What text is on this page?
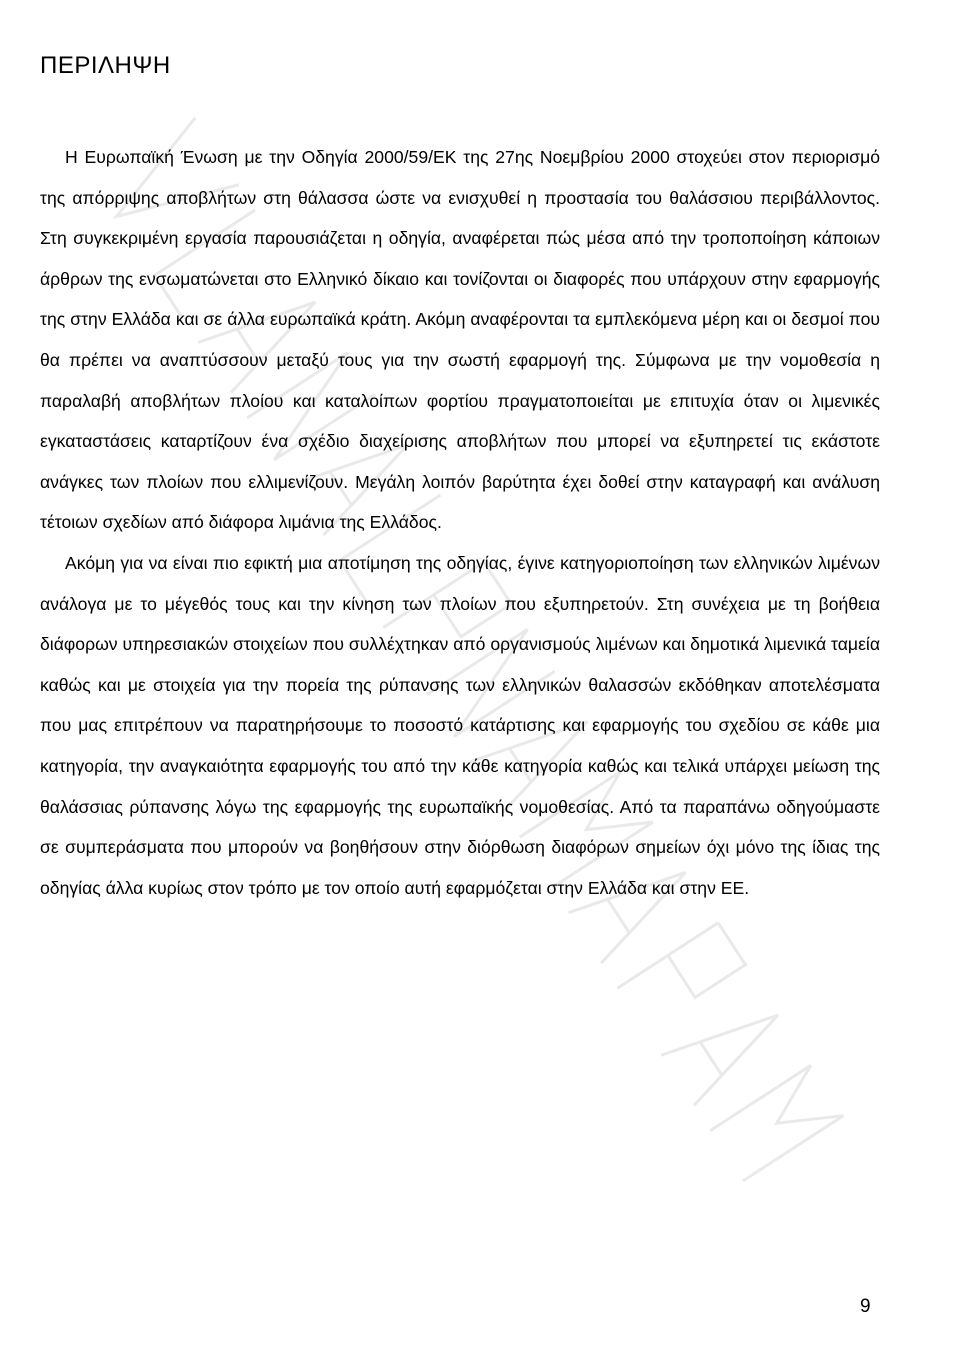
ΠΕΡΙΛΗΨΗ

Η Ευρωπαϊκή Ένωση με την Οδηγία 2000/59/ΕΚ της 27ης Νοεμβρίου 2000 στοχεύει στον περιορισμό της απόρριψης αποβλήτων στη θάλασσα ώστε να ενισχυθεί η προστασία του θαλάσσιου περιβάλλοντος. Στη συγκεκριμένη εργασία παρουσιάζεται η οδηγία, αναφέρεται πώς μέσα από την τροποποίηση κάποιων άρθρων της ενσωματώνεται στο Ελληνικό δίκαιο και τονίζονται οι διαφορές που υπάρχουν στην εφαρμογής της στην Ελλάδα και σε άλλα ευρωπαϊκά κράτη. Ακόμη αναφέρονται τα εμπλεκόμενα μέρη και οι δεσμοί που θα πρέπει να αναπτύσσουν μεταξύ τους για την σωστή εφαρμογή της. Σύμφωνα με την νομοθεσία η παραλαβή αποβλήτων πλοίου και καταλοίπων φορτίου πραγματοποιείται με επιτυχία όταν οι λιμενικές εγκαταστάσεις καταρτίζουν ένα σχέδιο διαχείρισης αποβλήτων που μπορεί να εξυπηρετεί τις εκάστοτε ανάγκες των πλοίων που ελλιμενίζουν. Μεγάλη λοιπόν βαρύτητα έχει δοθεί στην καταγραφή και ανάλυση τέτοιων σχεδίων από διάφορα λιμάνια της Ελλάδος.

Ακόμη για να είναι πιο εφικτή μια αποτίμηση της οδηγίας, έγινε κατηγοριοποίηση των ελληνικών λιμένων ανάλογα με το μέγεθός τους και την κίνηση των πλοίων που εξυπηρετούν. Στη συνέχεια με τη βοήθεια διάφορων υπηρεσιακών στοιχείων που συλλέχτηκαν από οργανισμούς λιμένων και δημοτικά λιμενικά ταμεία καθώς και με στοιχεία για την πορεία της ρύπανσης των ελληνικών θαλασσών εκδόθηκαν αποτελέσματα που μας επιτρέπουν να παρατηρήσουμε το ποσοστό κατάρτισης και εφαρμογής του σχεδίου σε κάθε μια κατηγορία, την αναγκαιότητα εφαρμογής του από την κάθε κατηγορία καθώς και τελικά υπάρχει μείωση της θαλάσσιας ρύπανσης λόγω της εφαρμογής της ευρωπαϊκής νομοθεσίας. Από τα παραπάνω οδηγούμαστε σε συμπεράσματα που μπορούν να βοηθήσουν στην διόρθωση διαφόρων σημείων όχι μόνο της ίδιας της οδηγίας άλλα κυρίως στον τρόπο με τον οποίο αυτή εφαρμόζεται στην Ελλάδα και στην ΕΕ.

9
